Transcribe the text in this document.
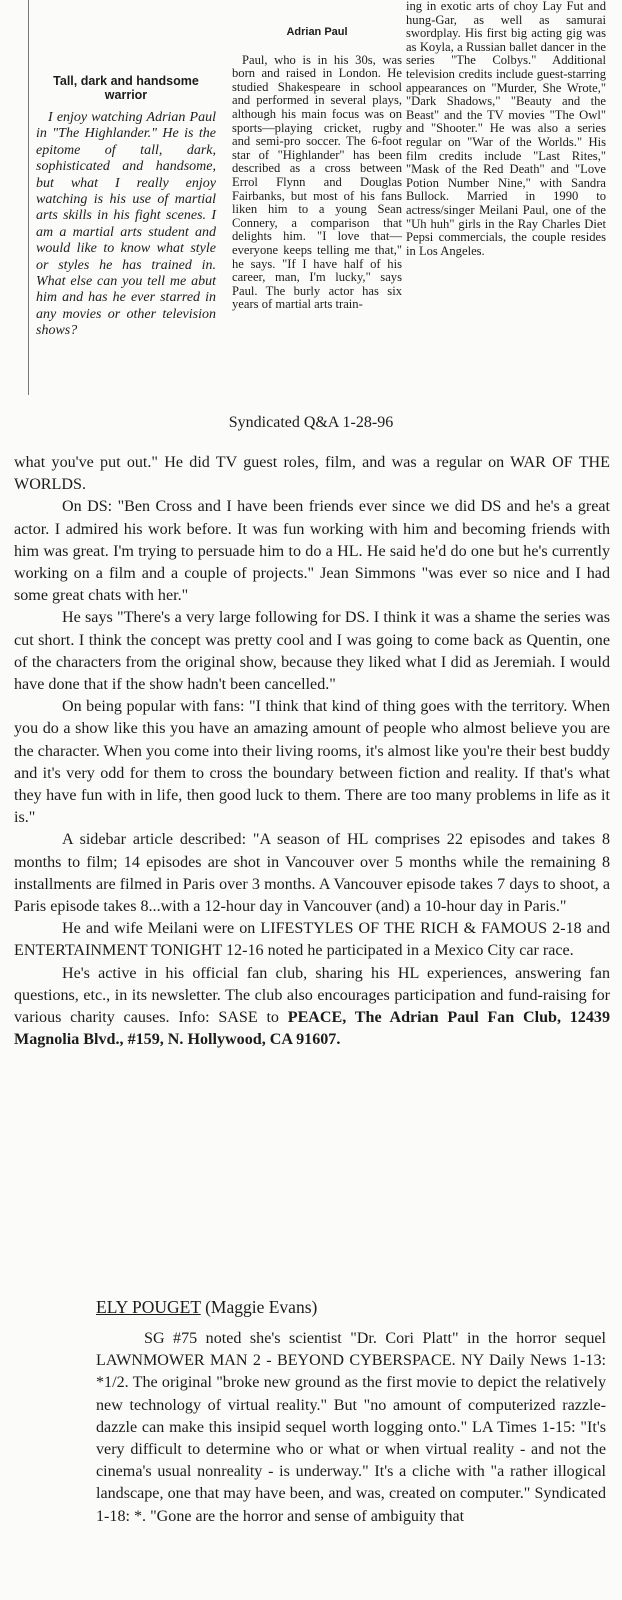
Tall, dark and handsome warrior
I enjoy watching Adrian Paul in "The Highlander." He is the epitome of tall, dark, sophisticated and handsome, but what I really enjoy watching is his use of martial arts skills in his fight scenes. I am a martial arts student and would like to know what style or styles he has trained in. What else can you tell me abut him and has he ever starred in any movies or other television shows?
Adrian Paul

Paul, who is in his 30s, was born and raised in London. He studied Shakespeare in school and performed in several plays, although his main focus was on sports—playing cricket, rugby and semi-pro soccer. The 6-foot star of "Highlander" has been described as a cross between Errol Flynn and Douglas Fairbanks, but most of his fans liken him to a young Sean Connery, a comparison that delights him. "I love that—everyone keeps telling me that," he says. "If I have half of his career, man, I'm lucky," says Paul. The burly actor has six years of martial arts train-

ing in exotic arts of choy Lay Fut and hung-Gar, as well as samurai swordplay. His first big acting gig was as Koyla, a Russian ballet dancer in the series "The Colbys." Additional television credits include guest-starring appearances on "Murder, She Wrote," "Dark Shadows," "Beauty and the Beast" and the TV movies "The Owl" and "Shooter." He was also a series regular on "War of the Worlds." His film credits include "Last Rites," "Mask of the Red Death" and "Love Potion Number Nine," with Sandra Bullock. Married in 1990 to actress/singer Meilani Paul, one of the "Uh huh" girls in the Ray Charles Diet Pepsi commercials, the couple resides in Los Angeles.

Syndicated Q&A 1-28-96

what you've put out." He did TV guest roles, film, and was a regular on WAR OF THE WORLDS.

On DS: "Ben Cross and I have been friends ever since we did DS and he's a great actor. I admired his work before. It was fun working with him and becoming friends with him was great. I'm trying to persuade him to do a HL. He said he'd do one but he's currently working on a film and a couple of projects." Jean Simmons "was ever so nice and I had some great chats with her."

He says "There's a very large following for DS. I think it was a shame the series was cut short. I think the concept was pretty cool and I was going to come back as Quentin, one of the characters from the original show, because they liked what I did as Jeremiah. I would have done that if the show hadn't been cancelled."

On being popular with fans: "I think that kind of thing goes with the territory. When you do a show like this you have an amazing amount of people who almost believe you are the character. When you come into their living rooms, it's almost like you're their best buddy and it's very odd for them to cross the boundary between fiction and reality. If that's what they have fun with in life, then good luck to them. There are too many problems in life as it is."

A sidebar article described: "A season of HL comprises 22 episodes and takes 8 months to film; 14 episodes are shot in Vancouver over 5 months while the remaining 8 installments are filmed in Paris over 3 months. A Vancouver episode takes 7 days to shoot, a Paris episode takes 8...with a 12-hour day in Vancouver (and) a 10-hour day in Paris."

He and wife Meilani were on LIFESTYLES OF THE RICH & FAMOUS 2-18 and ENTERTAINMENT TONIGHT 12-16 noted he participated in a Mexico City car race.

He's active in his official fan club, sharing his HL experiences, answering fan questions, etc., in its newsletter. The club also encourages participation and fund-raising for various charity causes. Info: SASE to PEACE, The Adrian Paul Fan Club, 12439 Magnolia Blvd., #159, N. Hollywood, CA 91607.

ELY POUGET (Maggie Evans)
SG #75 noted she's scientist "Dr. Cori Platt" in the horror sequel LAWNMOWER MAN 2 - BEYOND CYBERSPACE. NY Daily News 1-13: *1/2. The original "broke new ground as the first movie to depict the relatively new technology of virtual reality." But "no amount of computerized razzle-dazzle can make this insipid sequel worth logging onto." LA Times 1-15: "It's very difficult to determine who or what or when virtual reality - and not the cinema's usual nonreality - is underway." It's a cliche with "a rather illogical landscape, one that may have been, and was, created on computer." Syndicated 1-18: *. "Gone are the horror and sense of ambiguity that
